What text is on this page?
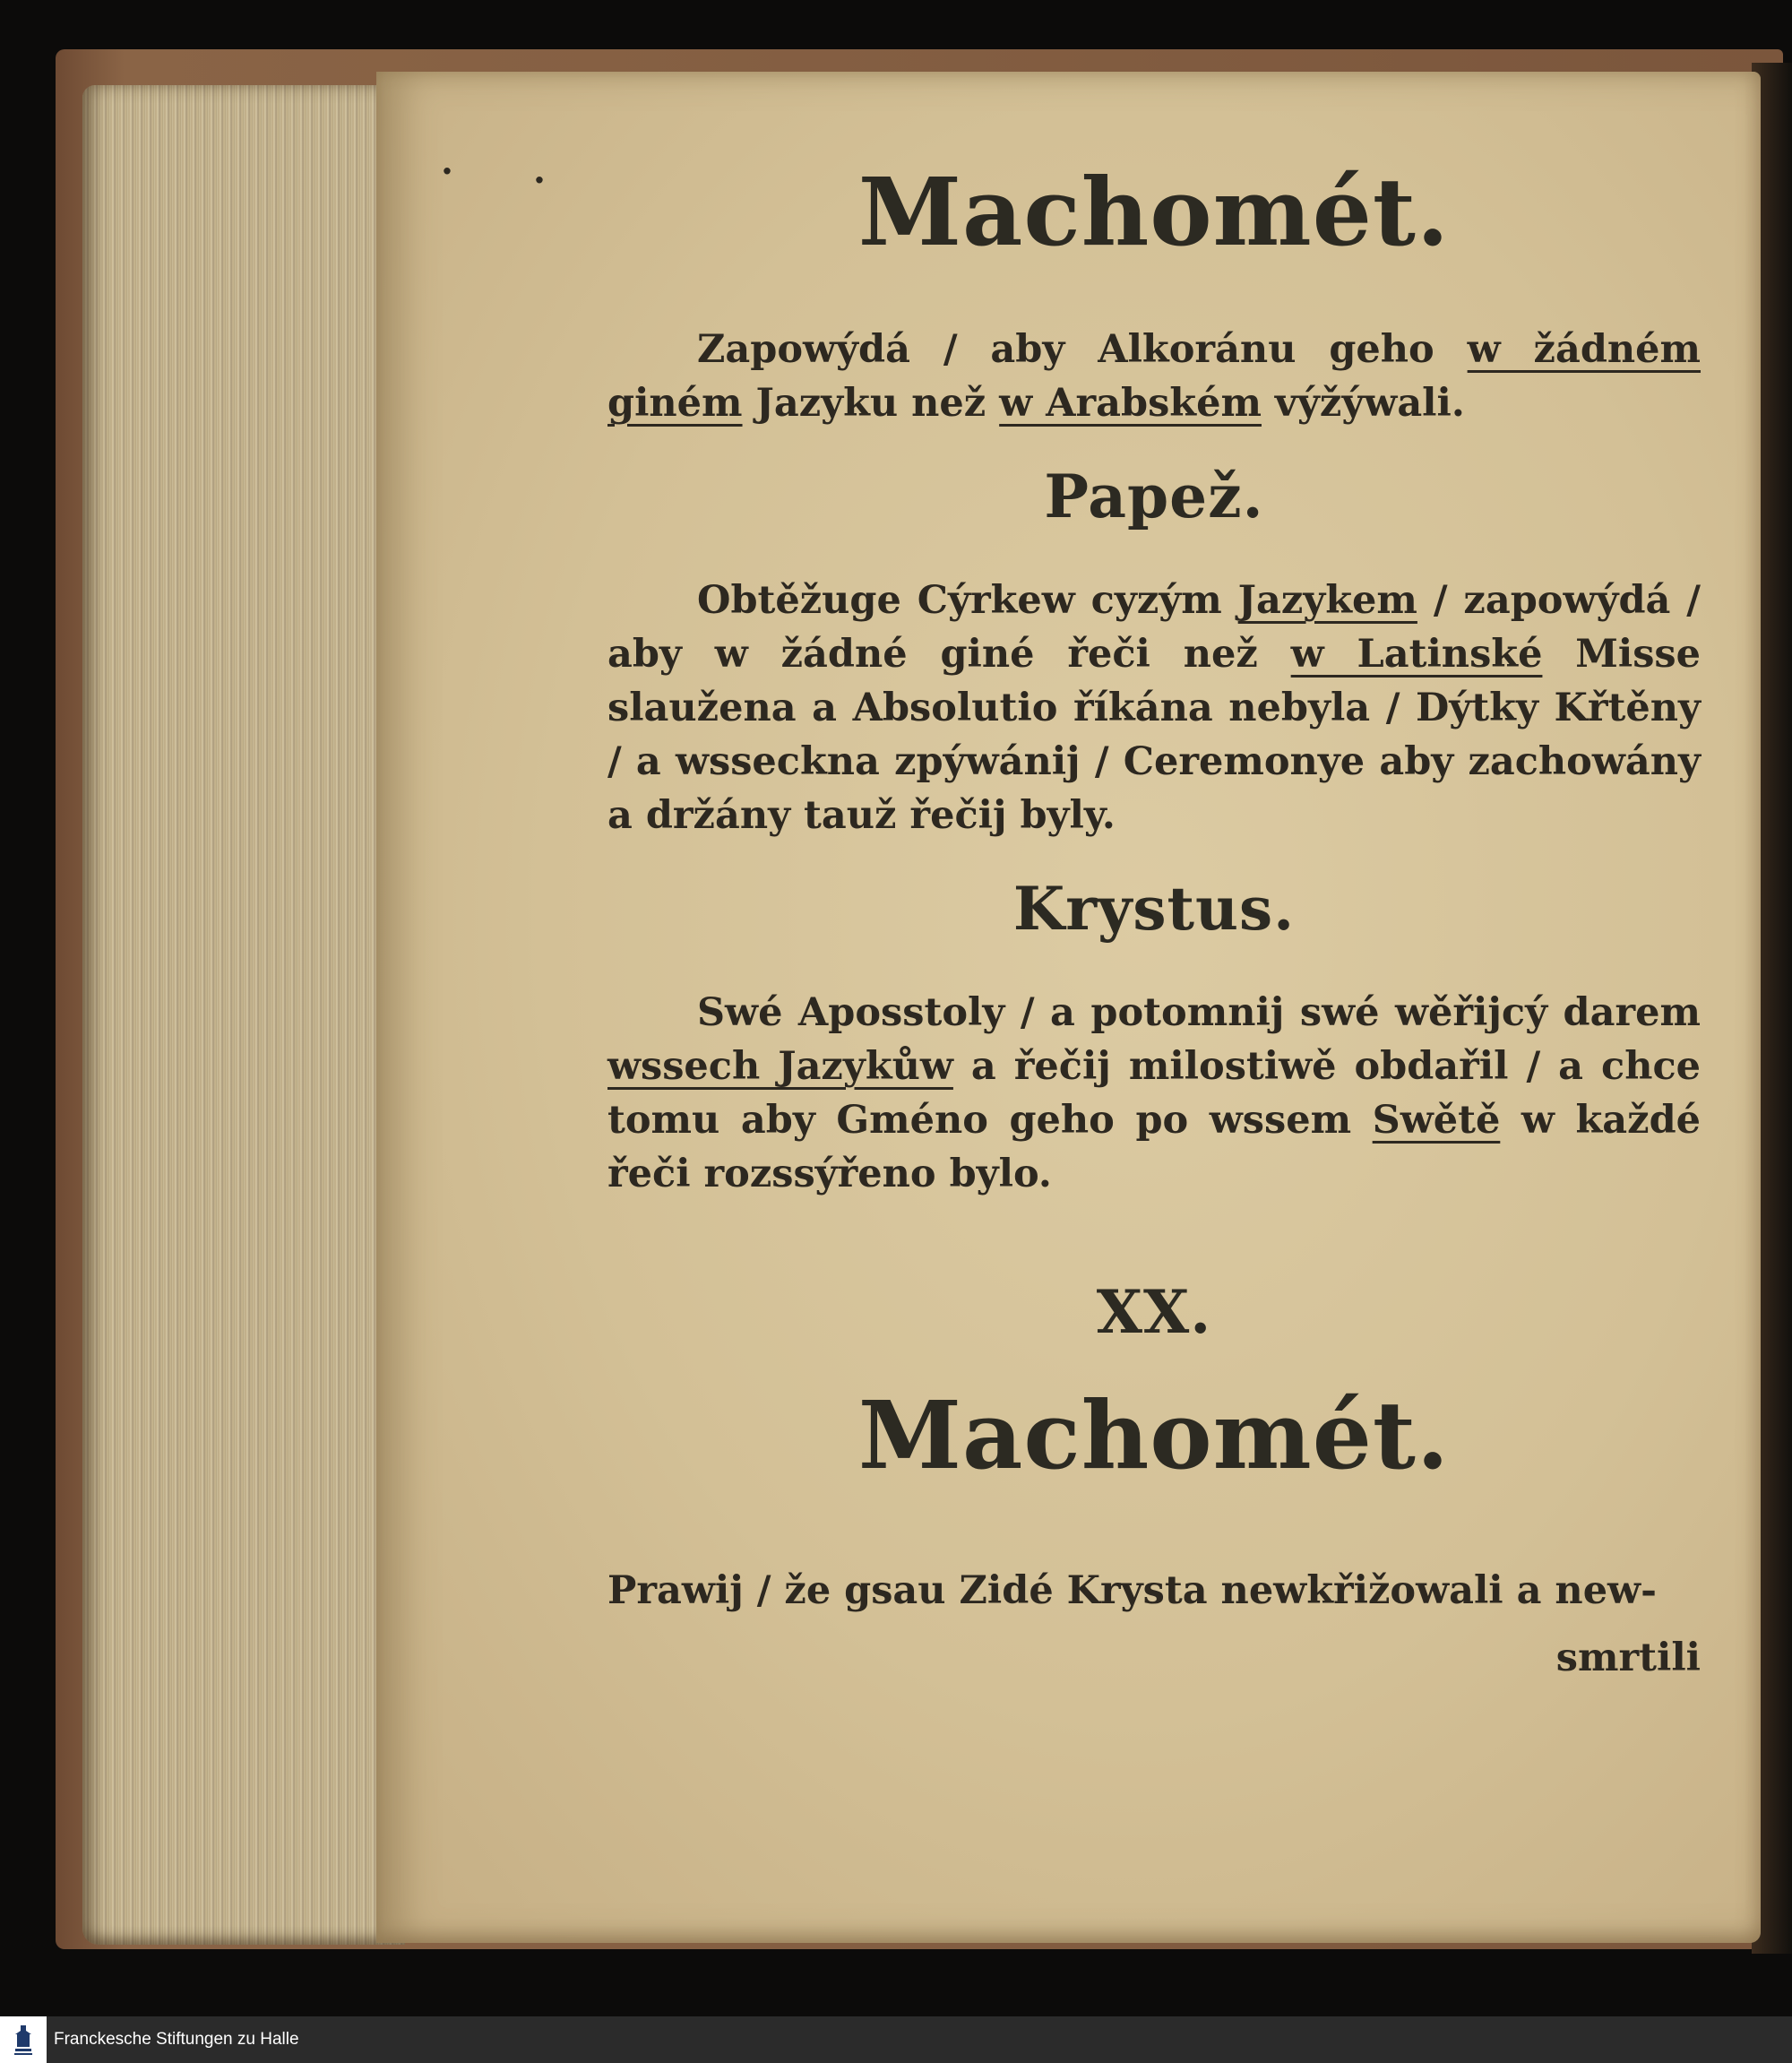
· ·	Machomét.
Zapowýdá / aby Alkoránu geho w žádném giném Jazyku než w Arabském výžýwali.
Papež.
Obtěžuge Cýrkew cyzým Jazykem / zapowýdá / aby w žádné giné řeči než w Latinské Misse slaužena a Absolutio říkána nebyla / Dýtky Křtěny / a wsseckna zpýwánij / Ceremonye aby zachowány a držány tauž řečij byly.
Krystus.
Swé Aposstoly / a potomnij swé wěřijcý darem wssech Jazykůw a řečij milostiwě obdařil / a chce tomu aby Gméno geho po wssem Swětě w každé řeči rozssýřeno bylo.
XX.
Machomét.
Prawij / že gsau Zidé Krysta newkřižowali a new-
smrtili
Franckesche Stiftungen zu Halle
